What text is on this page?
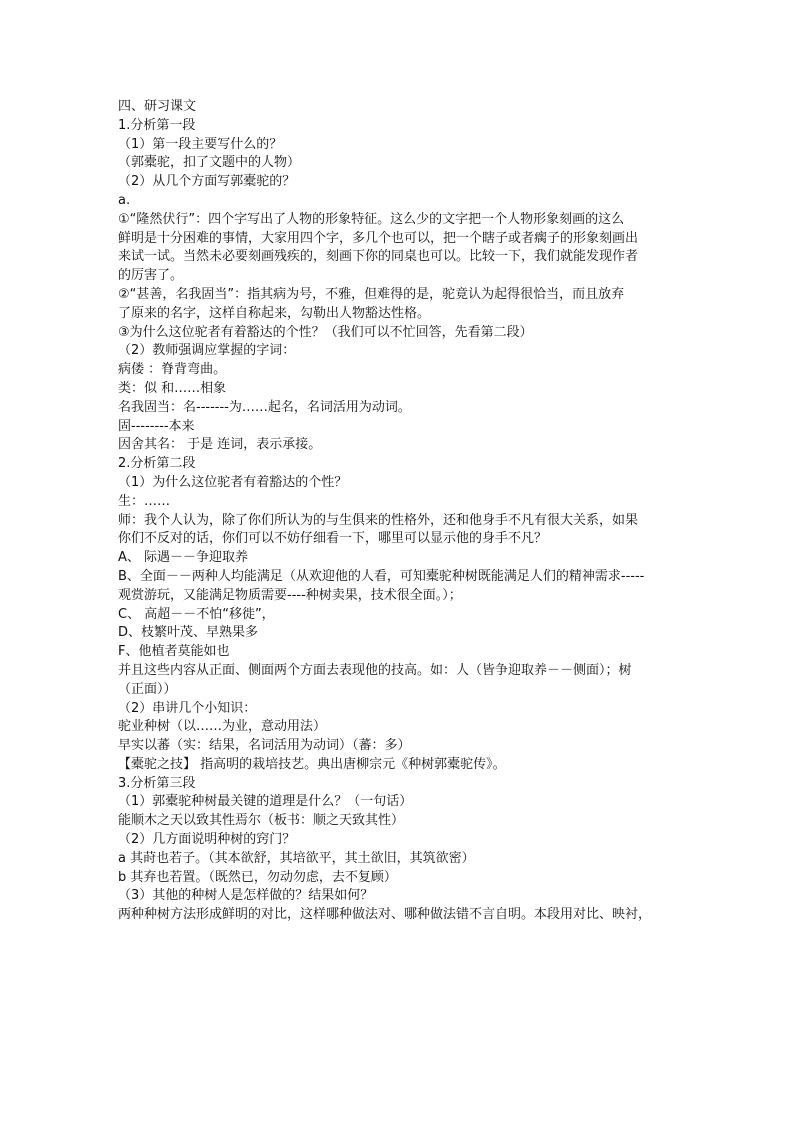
四、研习课文
1.分析第一段
（1）第一段主要写什么的？
（郭橐驼，扣了文题中的人物）
（2）从几个方面写郭橐驼的？
a.
①“隆然伏行”：四个字写出了人物的形象特征。这么少的文字把一个人物形象刻画的这么
鲜明是十分困难的事情，大家用四个字，多几个也可以，把一个瞎子或者瘸子的形象刻画出
来试一试。当然未必要刻画残疾的，刻画下你的同桌也可以。比较一下，我们就能发现作者
的厉害了。
②“甚善，名我固当”：指其病为号，不雅，但难得的是，驼竟认为起得很恰当，而且放弃
了原来的名字，这样自称起来，勾勒出人物豁达性格。
③为什么这位驼者有着豁达的个性？（我们可以不忙回答，先看第二段）
（2）教师强调应掌握的字词：
病偻 ：脊背弯曲。
类：似 和……相象
名我固当：名-------为……起名，名词活用为动词。
固--------本来
因舍其名： 于是 连词，表示承接。
2.分析第二段
（1）为什么这位驼者有着豁达的个性？
生：……
师：我个人认为，除了你们所认为的与生俱来的性格外，还和他身手不凡有很大关系，如果
你们不反对的话，你们可以不妨仔细看一下，哪里可以显示他的身手不凡？
A、 际遇－－争迎取养
B、全面－－两种人均能满足（从欢迎他的人看，可知橐驼种树既能满足人们的精神需求-----
观赏游玩，又能满足物质需要----种树卖果，技术很全面。）；
C、 高超－－不怕“移徙”，
D、枝繁叶茂、早熟果多
F、他植者莫能如也
并且这些内容从正面、侧面两个方面去表现他的技高。如：人（皆争迎取养－－侧面）；树
（正面））
（2）串讲几个小知识：
驼业种树（以……为业，意动用法）
早实以蕃（实：结果，名词活用为动词）（蕃：多）
【橐驼之技】 指高明的栽培技艺。典出唐柳宗元《种树郭橐驼传》。
3.分析第三段
（1）郭橐驼种树最关键的道理是什么？（一句话）
能顺木之天以致其性焉尔（板书：顺之天致其性）
（2）几方面说明种树的窍门？
a 其莳也若子。（其本欲舒，其培欲平，其土欲旧，其筑欲密）
b 其弃也若置。（既然已，勿动勿虑，去不复顾）
（3）其他的种树人是怎样做的？结果如何？
两种种树方法形成鲜明的对比，这样哪种做法对、哪种做法错不言自明。本段用对比、映衬，
